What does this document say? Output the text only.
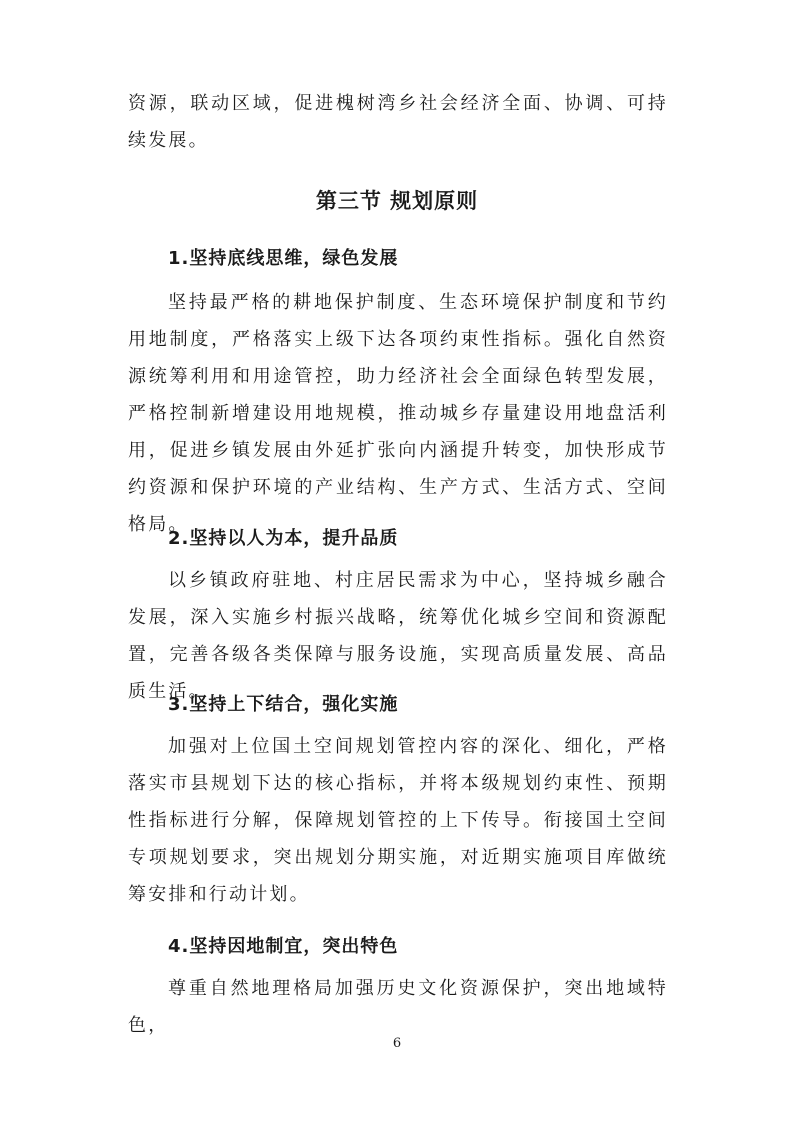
资源，联动区域，促进槐树湾乡社会经济全面、协调、可持续发展。

第三节 规划原则
1.坚持底线思维，绿色发展

坚持最严格的耕地保护制度、生态环境保护制度和节约用地制度，严格落实上级下达各项约束性指标。强化自然资源统筹利用和用途管控，助力经济社会全面绿色转型发展，严格控制新增建设用地规模，推动城乡存量建设用地盘活利用，促进乡镇发展由外延扩张向内涵提升转变，加快形成节约资源和保护环境的产业结构、生产方式、生活方式、空间格局。

2.坚持以人为本，提升品质

以乡镇政府驻地、村庄居民需求为中心，坚持城乡融合发展，深入实施乡村振兴战略，统筹优化城乡空间和资源配置，完善各级各类保障与服务设施，实现高质量发展、高品质生活。

3.坚持上下结合，强化实施

加强对上位国土空间规划管控内容的深化、细化，严格落实市县规划下达的核心指标，并将本级规划约束性、预期性指标进行分解，保障规划管控的上下传导。衔接国土空间专项规划要求，突出规划分期实施，对近期实施项目库做统筹安排和行动计划。

4.坚持因地制宜，突出特色

尊重自然地理格局加强历史文化资源保护，突出地域特色，

6
